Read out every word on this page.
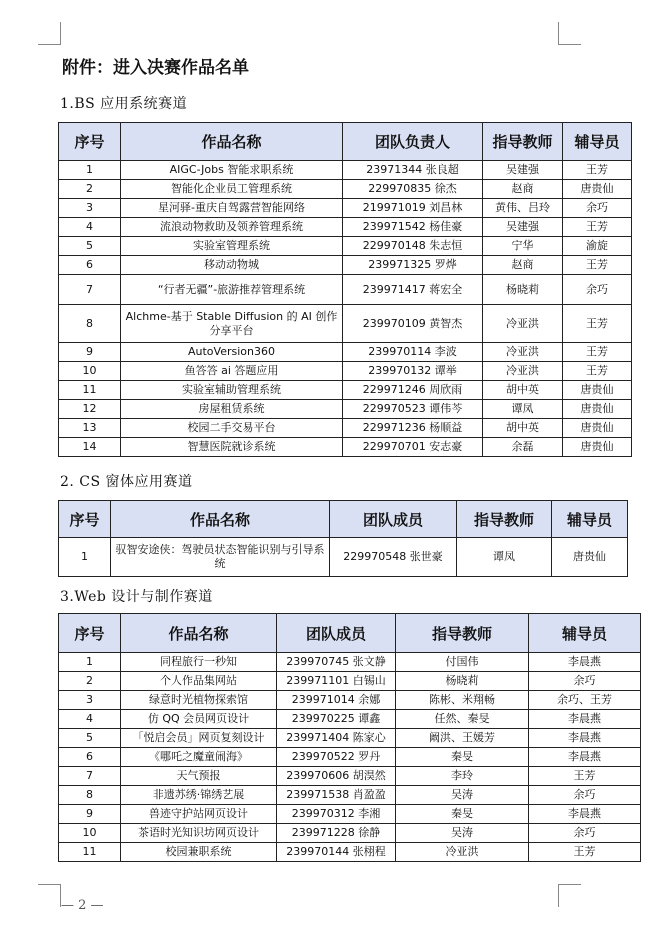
附件：进入决赛作品名单
1.BS 应用系统赛道
序号	作品名称	团队负责人	指导教师	辅导员
1	AIGC-Jobs 智能求职系统	23971344 张良超	吴建强	王芳
2	智能化企业员工管理系统	229970835 徐杰	赵商	唐贵仙
3	星河驿-重庆自驾露营智能网络	219971019 刘昌林	黄伟、吕玲	余巧
4	流浪动物救助及领养管理系统	239971542 杨佳豪	吴建强	王芳
5	实验室管理系统	229970148 朱志恒	宁华	渝旋
6	移动动物城	239971325 罗烨	赵商	王芳
7	“行者无疆”-旅游推荐管理系统	239971417 蒋宏全	杨晓莉	余巧
8	Alchme-基于 Stable Diffusion 的 AI 创作分享平台	239970109 黄智杰	冷亚洪	王芳
9	AutoVersion360	239970114 李波	冷亚洪	王芳
10	鱼答答 ai 答题应用	239970132 谭举	冷亚洪	王芳
11	实验室辅助管理系统	229971246 周欣雨	胡中英	唐贵仙
12	房屋租赁系统	229970523 谭伟芩	谭凤	唐贵仙
13	校园二手交易平台	229971236 杨顺益	胡中英	唐贵仙
14	智慧医院就诊系统	229970701 安志豪	余磊	唐贵仙
2. CS 窗体应用赛道
序号	作品名称	团队成员	指导教师	辅导员
1	驭智安途侠：驾驶员状态智能识别与引导系统	229970548 张世豪	谭凤	唐贵仙
3.Web 设计与制作赛道
序号	作品名称	团队成员	指导教师	辅导员
1	同程旅行一秒知	239970745 张文静	付国伟	李晨燕
2	个人作品集网站	239971101 白锡山	杨晓莉	余巧
3	绿意时光植物探索馆	239971014 余娜	陈彬、米翔畅	余巧、王芳
4	仿 QQ 会员网页设计	239970225 谭鑫	任然、秦旻	李晨燕
5	「悦启会员」网页复刻设计	239971404 陈家心	阚洪、王媛芳	李晨燕
6	《哪吒之魔童闹海》	239970522 罗丹	秦旻	李晨燕
7	天气预报	239970606 胡淏然	李玲	王芳
8	非遗苏绣·锦绣艺展	239971538 肖盈盈	吴涛	余巧
9	兽迹守护站网页设计	239970312 李湘	秦旻	李晨燕
10	茶语时光知识坊网页设计	239971228 徐静	吴涛	余巧
11	校园兼职系统	239970144 张栩程	冷亚洪	王芳
— 2 —
